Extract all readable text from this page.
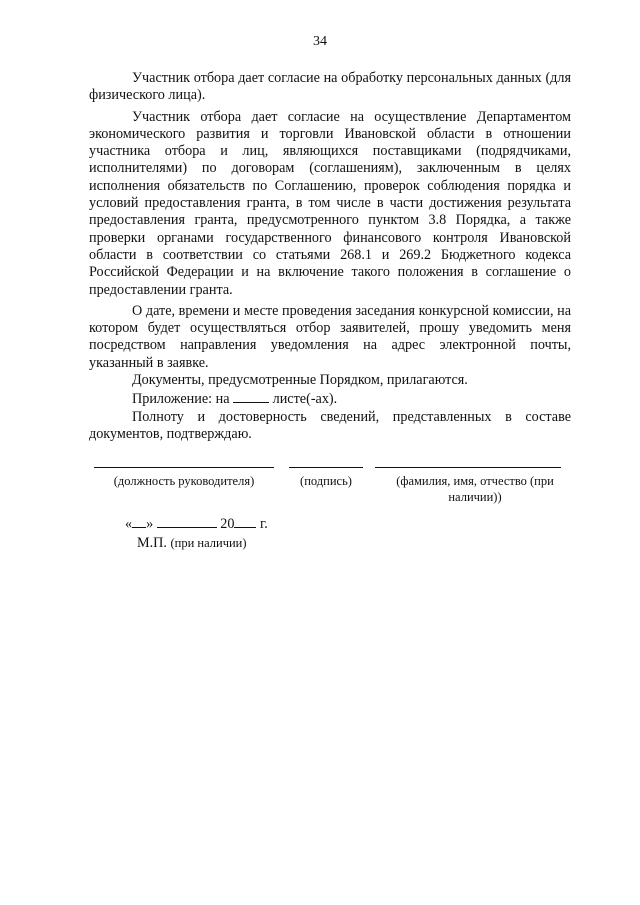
34

Участник отбора дает согласие на обработку персональных данных (для физического лица).

Участник отбора дает согласие на осуществление Департаментом экономического развития и торговли Ивановской области в отношении участника отбора и лиц, являющихся поставщиками (подрядчиками, исполнителями) по договорам (соглашениям), заключенным в целях исполнения обязательств по Соглашению, проверок соблюдения порядка и условий предоставления гранта, в том числе в части достижения результата предоставления гранта, предусмотренного пунктом 3.8 Порядка, а также проверки органами государственного финансового контроля Ивановской области в соответствии со статьями 268.1 и 269.2 Бюджетного кодекса Российской Федерации и на включение такого положения в соглашение о предоставлении гранта.

О дате, времени и месте проведения заседания конкурсной комиссии, на котором будет осуществляться отбор заявителей, прошу уведомить меня посредством направления уведомления на адрес электронной почты, указанный в заявке.

Документы, предусмотренные Порядком, прилагаются.

Приложение: на	листе(-ах).

Полноту и достоверность сведений, представленных в составе документов, подтверждаю.

(должность руководителя)	(подпись)	(фамилия, имя, отчество (при наличии))
« »	20 г.
М.П. (при наличии)
